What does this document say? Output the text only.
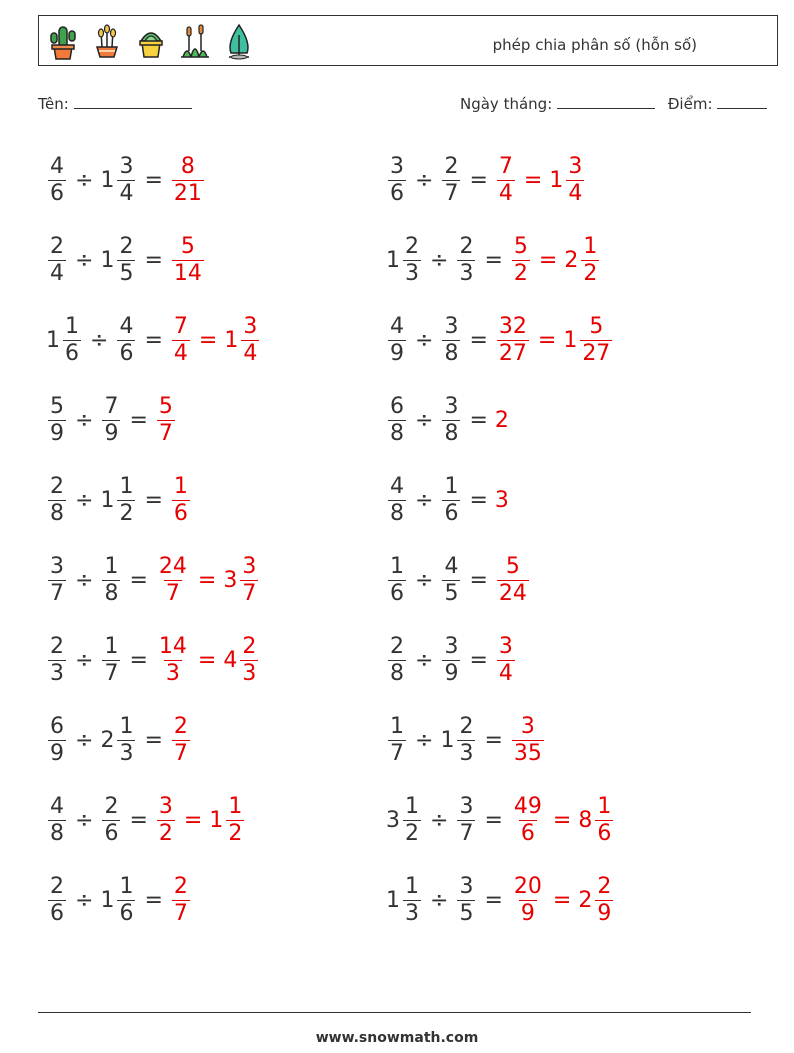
phép chia phân số (hỗn số)
Tên:	Ngày tháng:	Điểm:
$\frac{4}{6} \div 1 \frac{3}{4} = \frac{8}{21}$
$\frac{2}{4} \div 1 \frac{2}{5} = \frac{5}{14}$
$1 \frac{1}{6} \div \frac{4}{6} = \frac{7}{4} = 1 \frac{3}{4}$
$\frac{5}{9} \div \frac{7}{9} = \frac{5}{7}$
$\frac{2}{8} \div 1 \frac{1}{2} = \frac{1}{6}$
$\frac{3}{7} \div \frac{1}{8} = \frac{24}{7} = 3 \frac{3}{7}$
$\frac{2}{3} \div \frac{1}{7} = \frac{14}{3} = 4 \frac{2}{3}$
$\frac{6}{9} \div 2 \frac{1}{3} = \frac{2}{7}$
$\frac{4}{8} \div \frac{2}{6} = \frac{3}{2} = 1 \frac{1}{2}$
$\frac{2}{6} \div 1 \frac{1}{6} = \frac{2}{7}$
$\frac{3}{6} \div \frac{2}{7} = \frac{7}{4} = 1 \frac{3}{4}$
$1 \frac{2}{3} \div \frac{2}{3} = \frac{5}{2} = 2 \frac{1}{2}$
$\frac{4}{9} \div \frac{3}{8} = \frac{32}{27} = 1 \frac{5}{27}$
$\frac{6}{8} \div \frac{3}{8} = 2$
$\frac{4}{8} \div \frac{1}{6} = 3$
$\frac{1}{6} \div \frac{4}{5} = \frac{5}{24}$
$\frac{2}{8} \div \frac{3}{9} = \frac{3}{4}$
$\frac{1}{7} \div 1 \frac{2}{3} = \frac{3}{35}$
$3 \frac{1}{2} \div \frac{3}{7} = \frac{49}{6} = 8 \frac{1}{6}$
$1 \frac{1}{3} \div \frac{3}{5} = \frac{20}{9} = 2 \frac{2}{9}$
www.snowmath.com
